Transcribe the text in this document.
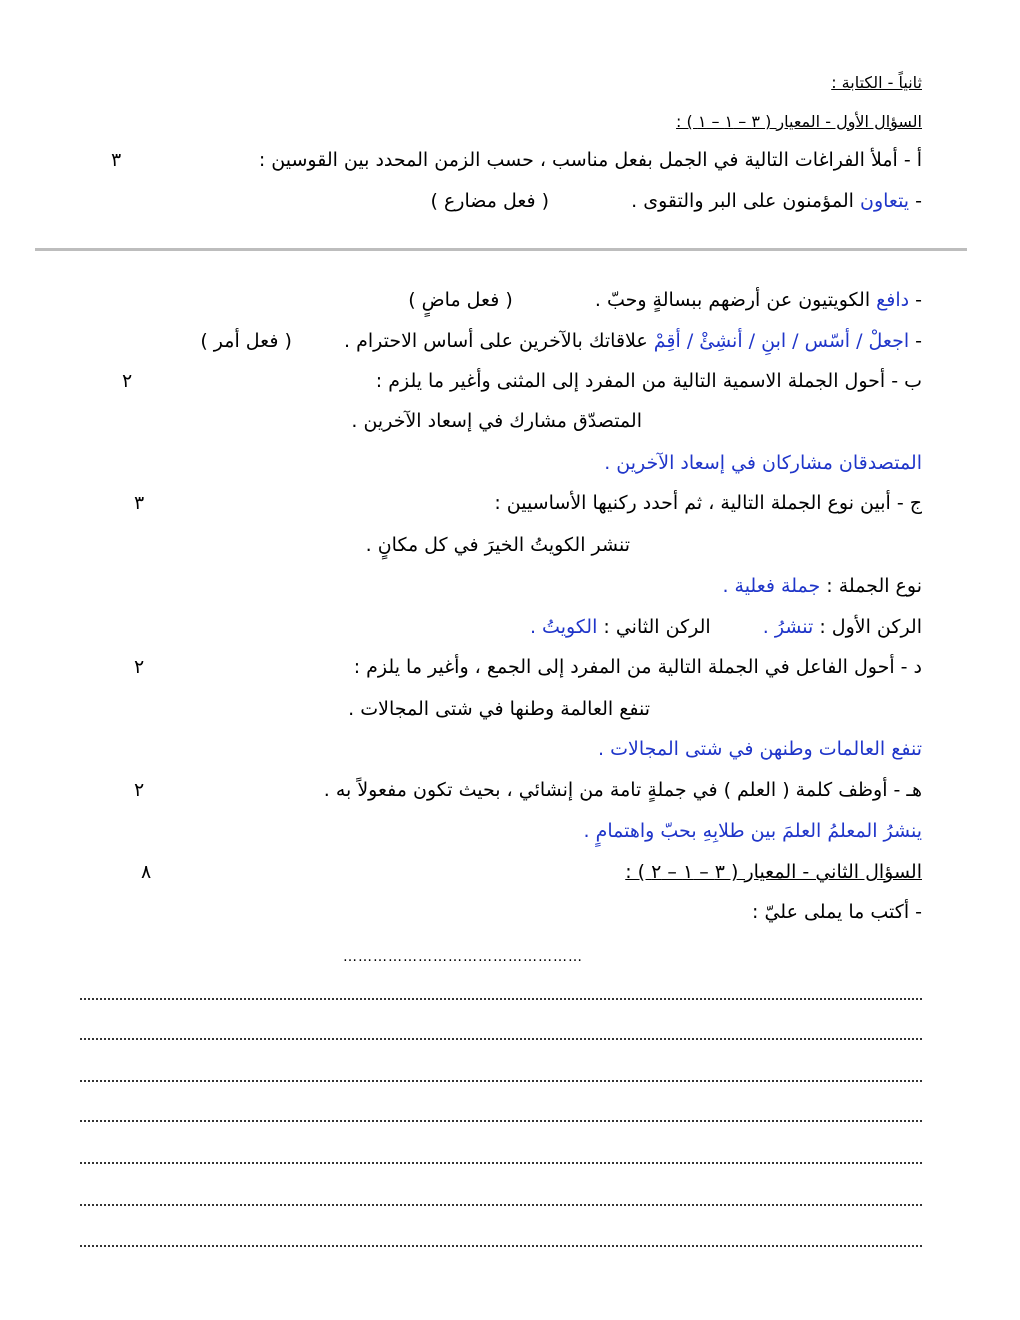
ثانياً - الكتابة :
السؤال الأول - المعيار ( ٣ – ١ – ١ ) :
أ - أملأ الفراغات التالية في الجمل بفعل مناسب ، حسب الزمن المحدد بين القوسين :
٣
- يتعاون المؤمنون على البر والتقوى .  ( فعل مضارع )
- دافع الكويتيون عن أرضهم ببسالةٍ وحبّ .  ( فعل ماضٍ )
- اجعلْ / أسّس / ابنِ / أنشِئْ / أقِمْ علاقاتك بالآخرين على أساس الاحترام .  ( فعل أمر )
ب - أحول الجملة الاسمية التالية من المفرد إلى المثنى وأغير ما يلزم :
٢
المتصدّق مشارك في إسعاد الآخرين .
المتصدقان مشاركان في إسعاد الآخرين .
ج - أبين نوع الجملة التالية ، ثم أحدد ركنيها الأساسيين :
٣
تنشر الكويتُ الخيرَ في كل مكانٍ .
نوع الجملة : جملة فعلية .
الركن الأول : تنشرُ .  الركن الثاني : الكويتُ .
د - أحول الفاعل في الجملة التالية من المفرد إلى الجمع ، وأغير ما يلزم :
٢
تنفع العالمة وطنها في شتى المجالات .
تنفع العالمات وطنهن في شتى المجالات .
هـ - أوظف كلمة ( العلم ) في جملةٍ تامة من إنشائي ، بحيث تكون مفعولاً به .
٢
ينشرُ المعلمُ العلمَ بين طلابِهِ بحبّ واهتمامٍ .
السؤال الثاني - المعيار ( ٣ – ١ – ٢ ) :
٨
- أكتب ما يملى عليّ :
…………………………………………
